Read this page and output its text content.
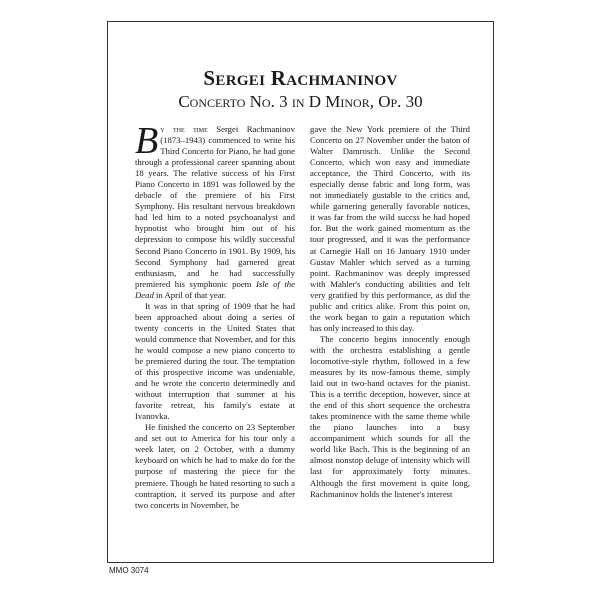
Sergei Rachmaninov
Concerto No. 3 in D Minor, Op. 30

By the time Sergei Rachmaninov (1873–1943) commenced to write his Third Concerto for Piano, he had gone through a professional career spanning about 18 years. The relative success of his First Piano Concerto in 1891 was followed by the debacle of the premiere of his First Symphony. His resultant nervous breakdown had led him to a noted psychoanalyst and hypnotist who brought him out of his depression to compose his wildly successful Second Piano Concerto in 1901. By 1909, his Second Symphony had garnered great enthusiasm, and he had successfully premiered his symphonic poem Isle of the Dead in April of that year.

It was in that spring of 1909 that he had been approached about doing a series of twenty concerts in the United States that would commence that November, and for this he would compose a new piano concerto to be premiered during the tour. The temptation of this prospective income was undeniable, and he wrote the concerto determinedly and without interruption that summer at his favorite retreat, his family's estate at Ivanovka.

He finished the concerto on 23 September and set out to America for his tour only a week later, on 2 October, with a dummy keyboard on which he had to make do for the purpose of mastering the piece for the premiere. Though he hated resorting to such a contraption, it served its purpose and after two concerts in November, he

gave the New York premiere of the Third Concerto on 27 November under the baton of Walter Damrosch. Unlike the Second Concerto, which won easy and immediate acceptance, the Third Concerto, with its especially dense fabric and long form, was not immediately gustable to the critics and, while garnering generally favorable notices, it was far from the wild succss he had hoped for. But the work gained momentum as the tour progressed, and it was the performance at Carnegie Hall on 16 January 1910 under Gustav Mahler which served as a turning point. Rachmaninov was deeply impressed with Mahler's conducting abilities and felt very gratified by this performance, as did the public and critics alike. From this point on, the work began to gain a reputation which has only increased to this day.

The concerto begins innocently enough with the orchestra establishing a gentle locomotive-style rhythm, followed in a few measures by its now-famous theme, simply laid out in two-hand octaves for the pianist. This is a terrific deception, however, since at the end of this short sequence the orchestra takes prominence with the same theme while the piano launches into a busy accompaniment which sounds for all the world like Bach. This is the beginning of an almost nonstop deluge of intensity which will last for approximately forty minutes. Although the first movement is quite long, Rachmaninov holds the listener's interest

MMO 3074
